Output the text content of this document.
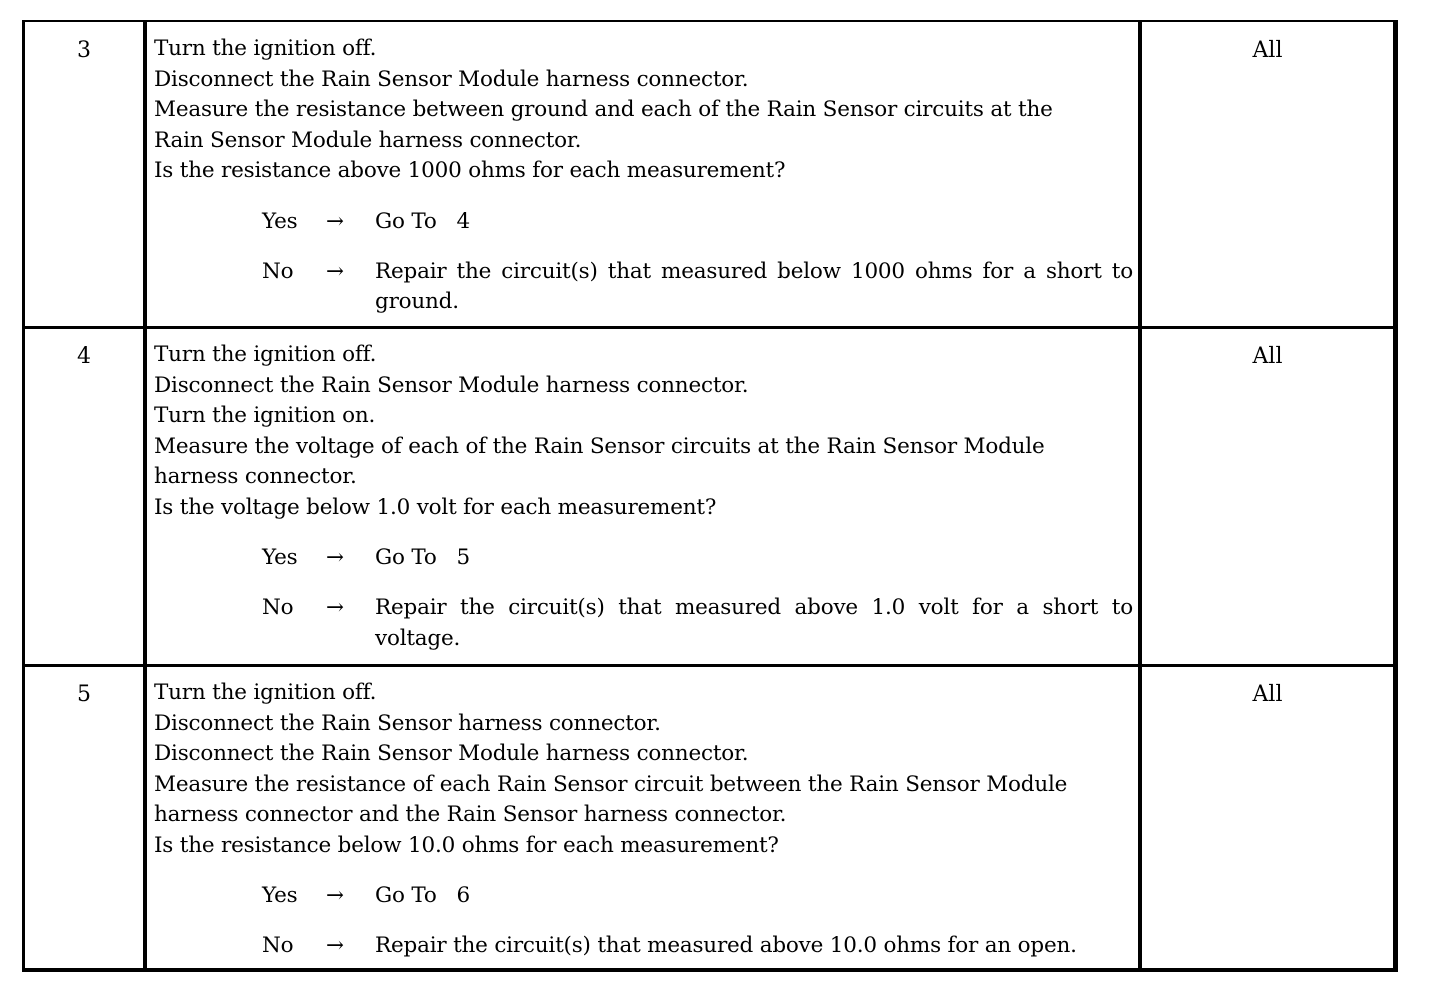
3	Turn the ignition off.
Disconnect the Rain Sensor Module harness connector.
Measure the resistance between ground and each of the Rain Sensor circuits at the
Rain Sensor Module harness connector.
Is the resistance above 1000 ohms for each measurement?
Yes → Go To   4
No → Repair the circuit(s) that measured below 1000 ohms for a short to ground.
All
4	Turn the ignition off.
Disconnect the Rain Sensor Module harness connector.
Turn the ignition on.
Measure the voltage of each of the Rain Sensor circuits at the Rain Sensor Module
harness connector.
Is the voltage below 1.0 volt for each measurement?
Yes → Go To   5
No → Repair the circuit(s) that measured above 1.0 volt for a short to voltage.
All
5	Turn the ignition off.
Disconnect the Rain Sensor harness connector.
Disconnect the Rain Sensor Module harness connector.
Measure the resistance of each Rain Sensor circuit between the Rain Sensor Module
harness connector and the Rain Sensor harness connector.
Is the resistance below 10.0 ohms for each measurement?
Yes → Go To   6
No → Repair the circuit(s) that measured above 10.0 ohms for an open.
All
